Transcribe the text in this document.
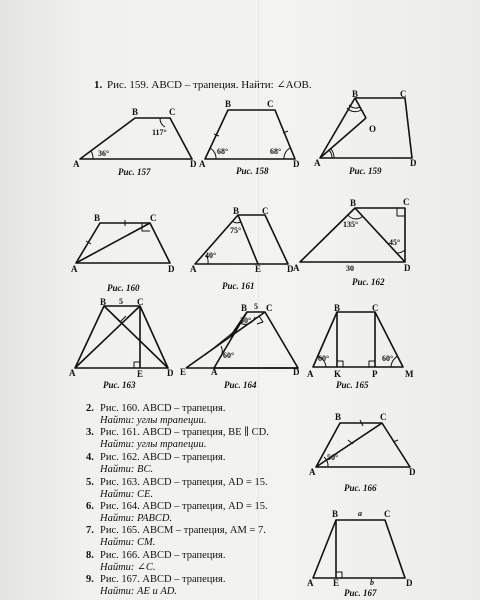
1. Рис. 159. ABCD – трапеция. Найти: ∠AOB.
A
B	C
D
36°
117°
Рис. 157
A
B	C
D
68°	68°
Рис. 158
A
B	C
D
O
Рис. 159
A
B	C
D
Рис. 160
A
B	C
D
E
40°
75°
Рис. 161
A
B	C
D
135°
45°
30
Рис. 162
A
B	C
D
E
5
Рис. 163
E	A
B C
D
5
30°
60°
Рис. 164
A
B	C
M
K	P
60°	60°
Рис. 165
2. Рис. 160. ABCD – трапеция.
Найти: углы трапеции.
3. Рис. 161. ABCD – трапеция, BE ∥ CD.
Найти: углы трапеции.
4. Рис. 162. ABCD – трапеция.
Найти: BC.
5. Рис. 163. ABCD – трапеция, AD = 15.
Найти: CE.
6. Рис. 164. ABCD – трапеция, AD = 15.
Найти: PABCD.
7. Рис. 165. ABCM – трапеция, AM = 7.
Найти: CM.
8. Рис. 166. ABCD – трапеция.
Найти: ∠C.
9. Рис. 167. ABCD – трапеция.
Найти: AE и AD.
A
B	C
D
50°
Рис. 166
A
B	C
D
E
a
b
Рис. 167
